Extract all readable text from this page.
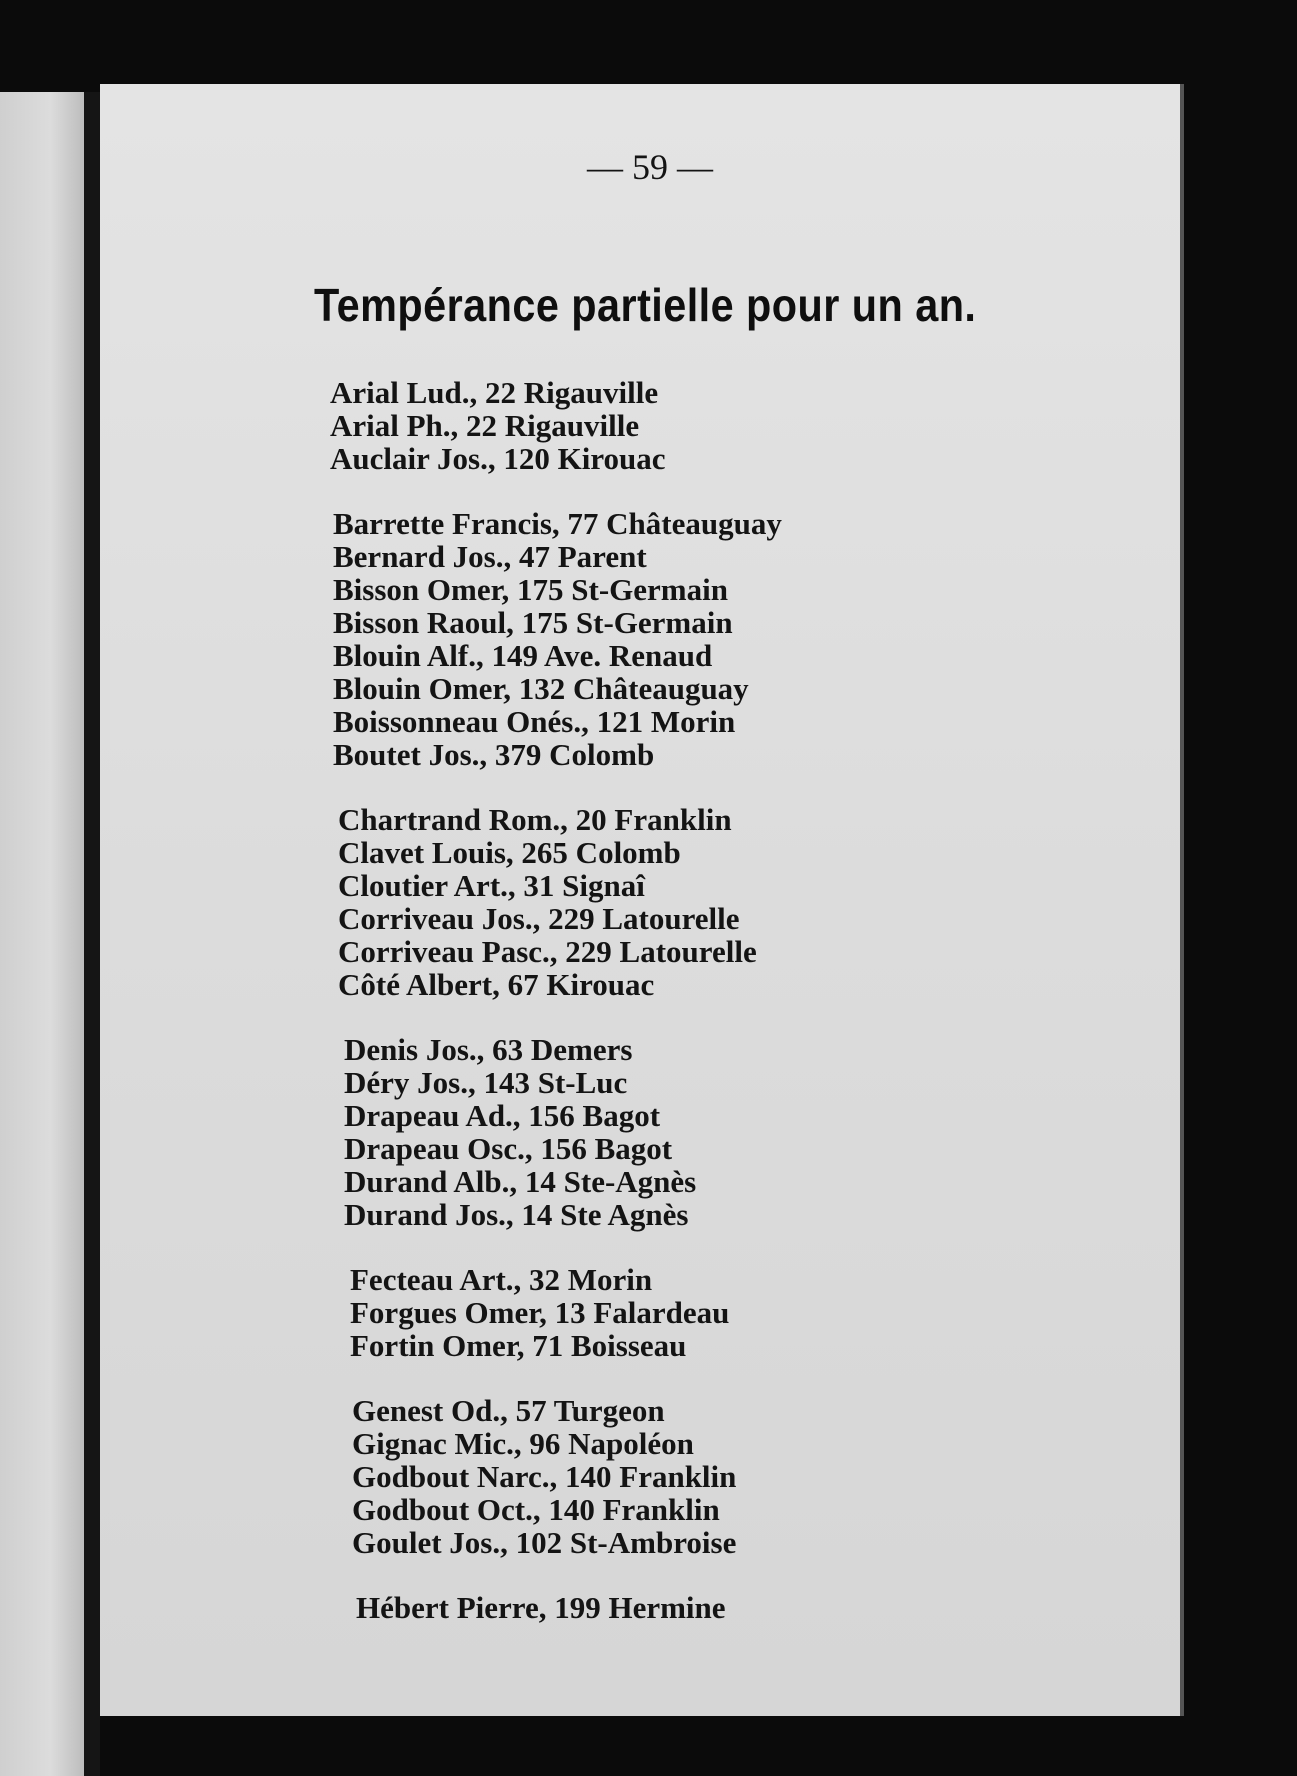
— 59 —
Tempérance partielle pour un an.
Arial Lud., 22 Rigauville
Arial Ph., 22 Rigauville
Auclair Jos., 120 Kirouac
Barrette Francis, 77 Châteauguay
Bernard Jos., 47 Parent
Bisson Omer, 175 St-Germain
Bisson Raoul, 175 St-Germain
Blouin Alf., 149 Ave. Renaud
Blouin Omer, 132 Châteauguay
Boissonneau Onés., 121 Morin
Boutet Jos., 379 Colomb
Chartrand Rom., 20 Franklin
Clavet Louis, 265 Colomb
Cloutier Art., 31 Signaî
Corriveau Jos., 229 Latourelle
Corriveau Pasc., 229 Latourelle
Côté Albert, 67 Kirouac
Denis Jos., 63 Demers
Déry Jos., 143 St-Luc
Drapeau Ad., 156 Bagot
Drapeau Osc., 156 Bagot
Durand Alb., 14 Ste-Agnès
Durand Jos., 14 Ste Agnès
Fecteau Art., 32 Morin
Forgues Omer, 13 Falardeau
Fortin Omer, 71 Boisseau
Genest Od., 57 Turgeon
Gignac Mic., 96 Napoléon
Godbout Narc., 140 Franklin
Godbout Oct., 140 Franklin
Goulet Jos., 102 St-Ambroise
Hébert Pierre, 199 Hermine
